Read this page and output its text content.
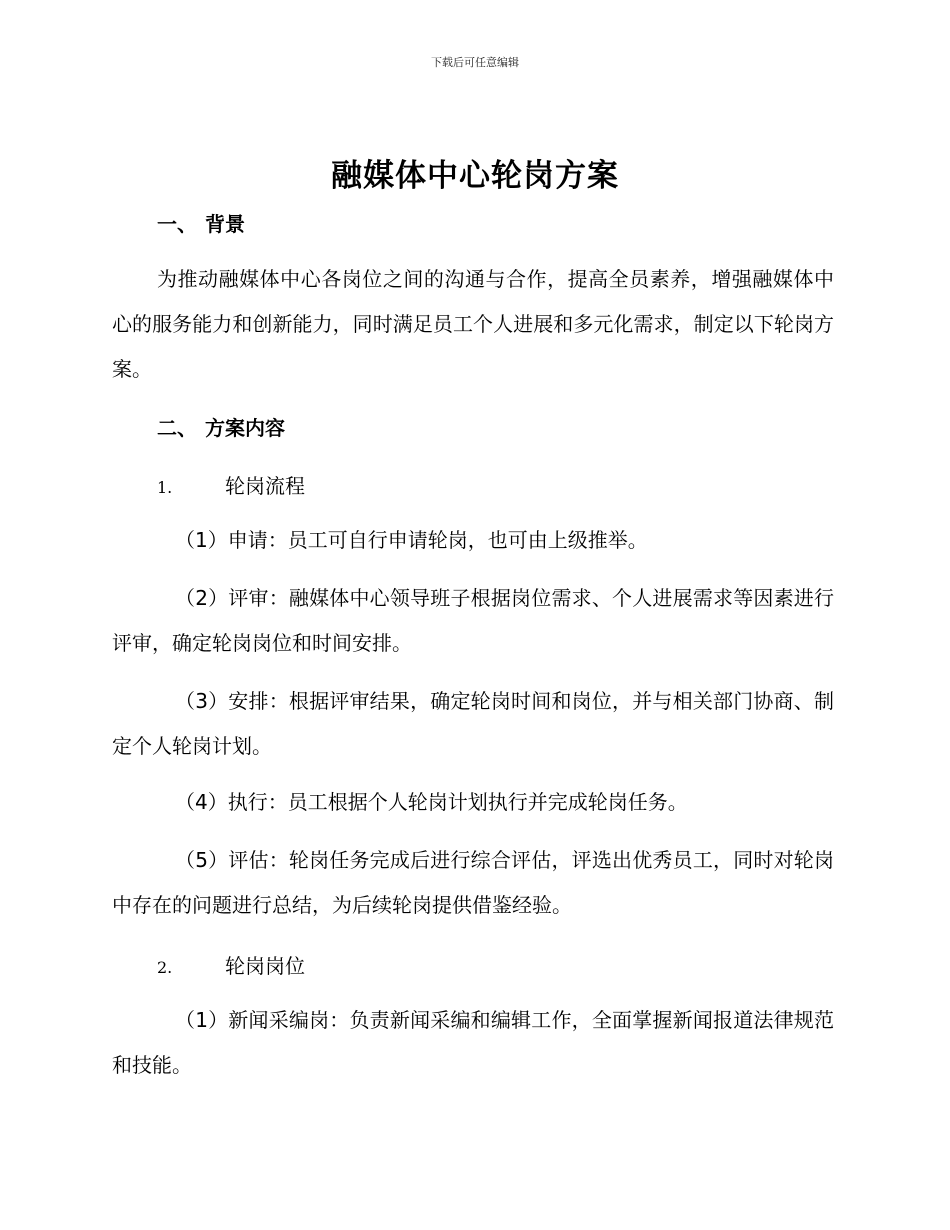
下载后可任意编辑
融媒体中心轮岗方案
一、 背景

为推动融媒体中心各岗位之间的沟通与合作，提高全员素养，增强融媒体中心的服务能力和创新能力，同时满足员工个人进展和多元化需求，制定以下轮岗方案。

二、 方案内容
1.	轮岗流程

（1）申请：员工可自行申请轮岗，也可由上级推举。

（2）评审：融媒体中心领导班子根据岗位需求、个人进展需求等因素进行评审，确定轮岗岗位和时间安排。

（3）安排：根据评审结果，确定轮岗时间和岗位，并与相关部门协商、制定个人轮岗计划。

（4）执行：员工根据个人轮岗计划执行并完成轮岗任务。

（5）评估：轮岗任务完成后进行综合评估，评选出优秀员工，同时对轮岗中存在的问题进行总结，为后续轮岗提供借鉴经验。

2.	轮岗岗位

（1）新闻采编岗：负责新闻采编和编辑工作，全面掌握新闻报道法律规范和技能。
